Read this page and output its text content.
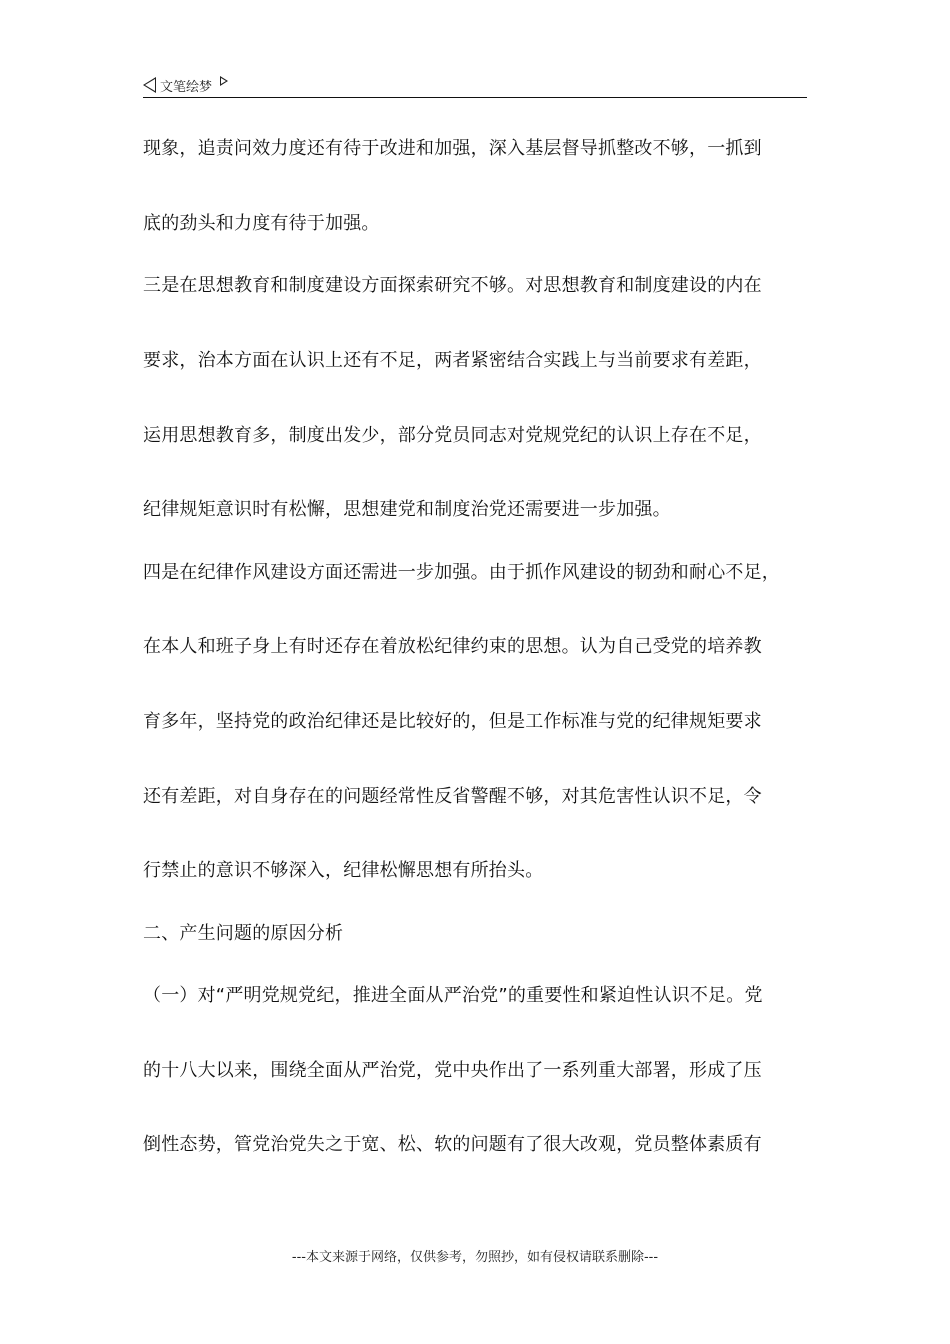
文笔绘梦
现象，追责问效力度还有待于改进和加强，深入基层督导抓整改不够，一抓到
底的劲头和力度有待于加强。
三是在思想教育和制度建设方面探索研究不够。对思想教育和制度建设的内在
要求，治本方面在认识上还有不足，两者紧密结合实践上与当前要求有差距，
运用思想教育多，制度出发少，部分党员同志对党规党纪的认识上存在不足，
纪律规矩意识时有松懈，思想建党和制度治党还需要进一步加强。
四是在纪律作风建设方面还需进一步加强。由于抓作风建设的韧劲和耐心不足，
在本人和班子身上有时还存在着放松纪律约束的思想。认为自己受党的培养教
育多年，坚持党的政治纪律还是比较好的，但是工作标准与党的纪律规矩要求
还有差距，对自身存在的问题经常性反省警醒不够，对其危害性认识不足，令
行禁止的意识不够深入，纪律松懈思想有所抬头。
二、产生问题的原因分析
（一）对“严明党规党纪，推进全面从严治党”的重要性和紧迫性认识不足。党
的十八大以来，围绕全面从严治党，党中央作出了一系列重大部署，形成了压
倒性态势，管党治党失之于宽、松、软的问题有了很大改观，党员整体素质有
---本文来源于网络，仅供参考，勿照抄，如有侵权请联系删除---
